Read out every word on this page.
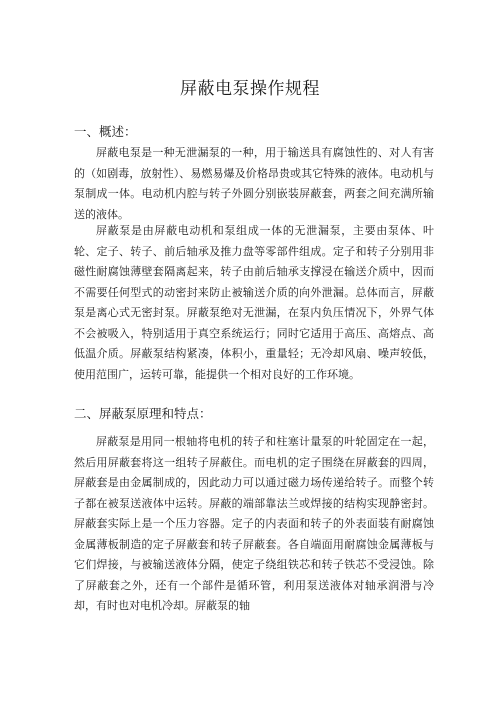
屏蔽电泵操作规程
一、概述：

屏蔽电泵是一种无泄漏泵的一种，用于输送具有腐蚀性的、对人有害的（如剧毒，放射性）、易燃易爆及价格昂贵或其它特殊的液体。电动机与泵制成一体。电动机内腔与转子外圆分别嵌装屏蔽套，两套之间充满所输送的液体。

屏蔽泵是由屏蔽电动机和泵组成一体的无泄漏泵，主要由泵体、叶轮、定子、转子、前后轴承及推力盘等零部件组成。定子和转子分别用非磁性耐腐蚀薄壁套隔离起来，转子由前后轴承支撑浸在输送介质中，因而不需要任何型式的动密封来防止被输送介质的向外泄漏。总体而言，屏蔽泵是离心式无密封泵。屏蔽泵绝对无泄漏，在泵内负压情况下，外界气体不会被吸入，特别适用于真空系统运行；同时它适用于高压、高熔点、高低温介质。屏蔽泵结构紧凑，体积小，重量轻；无冷却风扇、噪声较低，使用范围广，运转可靠，能提供一个相对良好的工作环境。

二、屏蔽泵原理和特点：

屏蔽泵是用同一根轴将电机的转子和柱塞计量泵的叶轮固定在一起，然后用屏蔽套将这一组转子屏蔽住。而电机的定子围绕在屏蔽套的四周，屏蔽套是由金属制成的，因此动力可以通过磁力场传递给转子。而整个转子都在被泵送液体中运转。屏蔽的端部靠法兰或焊接的结构实现静密封。屏蔽套实际上是一个压力容器。定子的内表面和转子的外表面装有耐腐蚀金属薄板制造的定子屏蔽套和转子屏蔽套。各自端面用耐腐蚀金属薄板与它们焊接，与被输送液体分隔，使定子绕组铁芯和转子铁芯不受浸蚀。除了屏蔽套之外，还有一个部件是循环管，利用泵送液体对轴承润滑与冷却，有时也对电机冷却。屏蔽泵的轴
